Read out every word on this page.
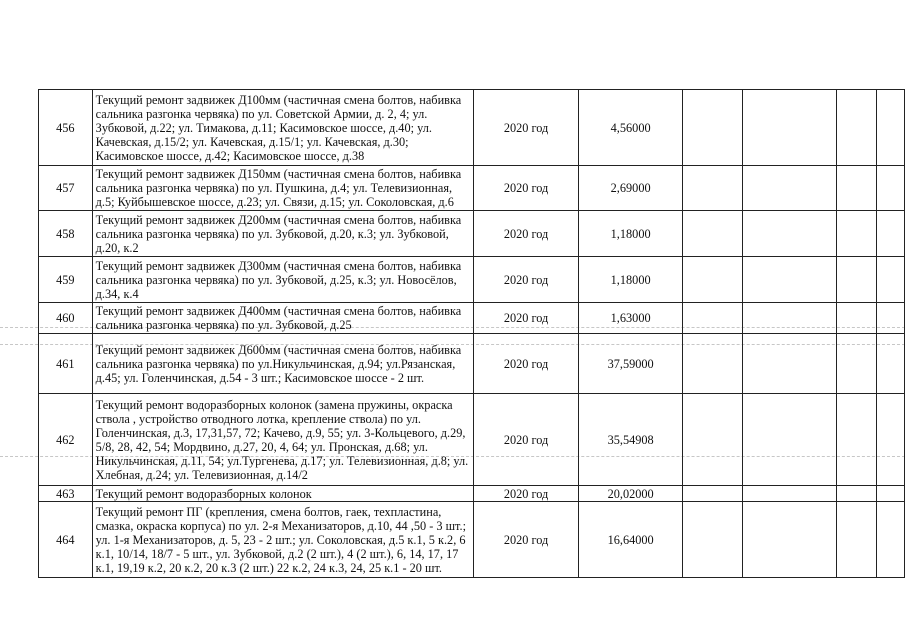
456	Текущий ремонт задвижек Д100мм (частичная смена болтов, набивка сальника разгонка червяка) по ул. Советской Армии, д. 2, 4; ул. Зубковой, д.22; ул. Тимакова, д.11; Касимовское шоссе, д.40; ул. Качевская, д.15/2; ул. Качевская, д.15/1; ул. Качевская, д.30; Касимовское шоссе, д.42; Касимовское шоссе, д.38	2020 год	4,56000				
457	Текущий ремонт задвижек Д150мм (частичная смена болтов, набивка сальника разгонка червяка) по ул. Пушкина, д.4; ул. Телевизионная, д.5; Куйбышевское шоссе, д.23; ул. Связи, д.15; ул. Соколовская, д.6	2020 год	2,69000				
458	Текущий ремонт задвижек Д200мм (частичная смена болтов, набивка сальника разгонка червяка) по ул. Зубковой, д.20, к.3; ул. Зубковой, д.20, к.2	2020 год	1,18000				
459	Текущий ремонт задвижек Д300мм (частичная смена болтов, набивка сальника разгонка червяка) по ул. Зубковой, д.25, к.3; ул. Новосёлов, д.34, к.4	2020 год	1,18000				
460	Текущий ремонт задвижек Д400мм (частичная смена болтов, набивка сальника разгонка червяка) по ул. Зубковой, д.25	2020 год	1,63000				
461	Текущий ремонт задвижек Д600мм (частичная смена болтов, набивка сальника разгонка червяка) по ул.Никульчинская, д.94; ул.Рязанская, д.45; ул. Голенчинская, д.54 - 3 шт.; Касимовское шоссе - 2 шт.	2020 год	37,59000				
462	Текущий ремонт водоразборных колонок (замена пружины, окраска ствола , устройство отводного лотка, крепление ствола) по ул. Голенчинская, д.3, 17,31,57, 72; Качево, д.9, 55; ул. 3-Кольцевого, д.29, 5/8, 28, 42, 54; Мордвино, д.27, 20, 4, 64; ул. Пронская, д.68; ул. Никульчинская, д.11, 54; ул.Тургенева, д.17; ул. Телевизионная, д.8; ул. Хлебная, д.24; ул. Телевизионная, д.14/2	2020 год	35,54908				
463	Текущий ремонт водоразборных колонок	2020 год	20,02000				
464	Текущий ремонт ПГ (крепления, смена болтов, гаек, техпластина, смазка, окраска корпуса) по ул. 2-я Механизаторов, д.10, 44 ,50 - 3 шт.; ул. 1-я Механизаторов, д. 5, 23 - 2 шт.; ул. Соколовская, д.5 к.1, 5 к.2, 6 к.1, 10/14, 18/7 - 5 шт., ул. Зубковой, д.2 (2 шт.), 4 (2 шт.), 6, 14, 17, 17 к.1, 19,19 к.2, 20 к.2, 20 к.3 (2 шт.) 22 к.2, 24 к.3, 24, 25 к.1 - 20 шт.	2020 год	16,64000				
